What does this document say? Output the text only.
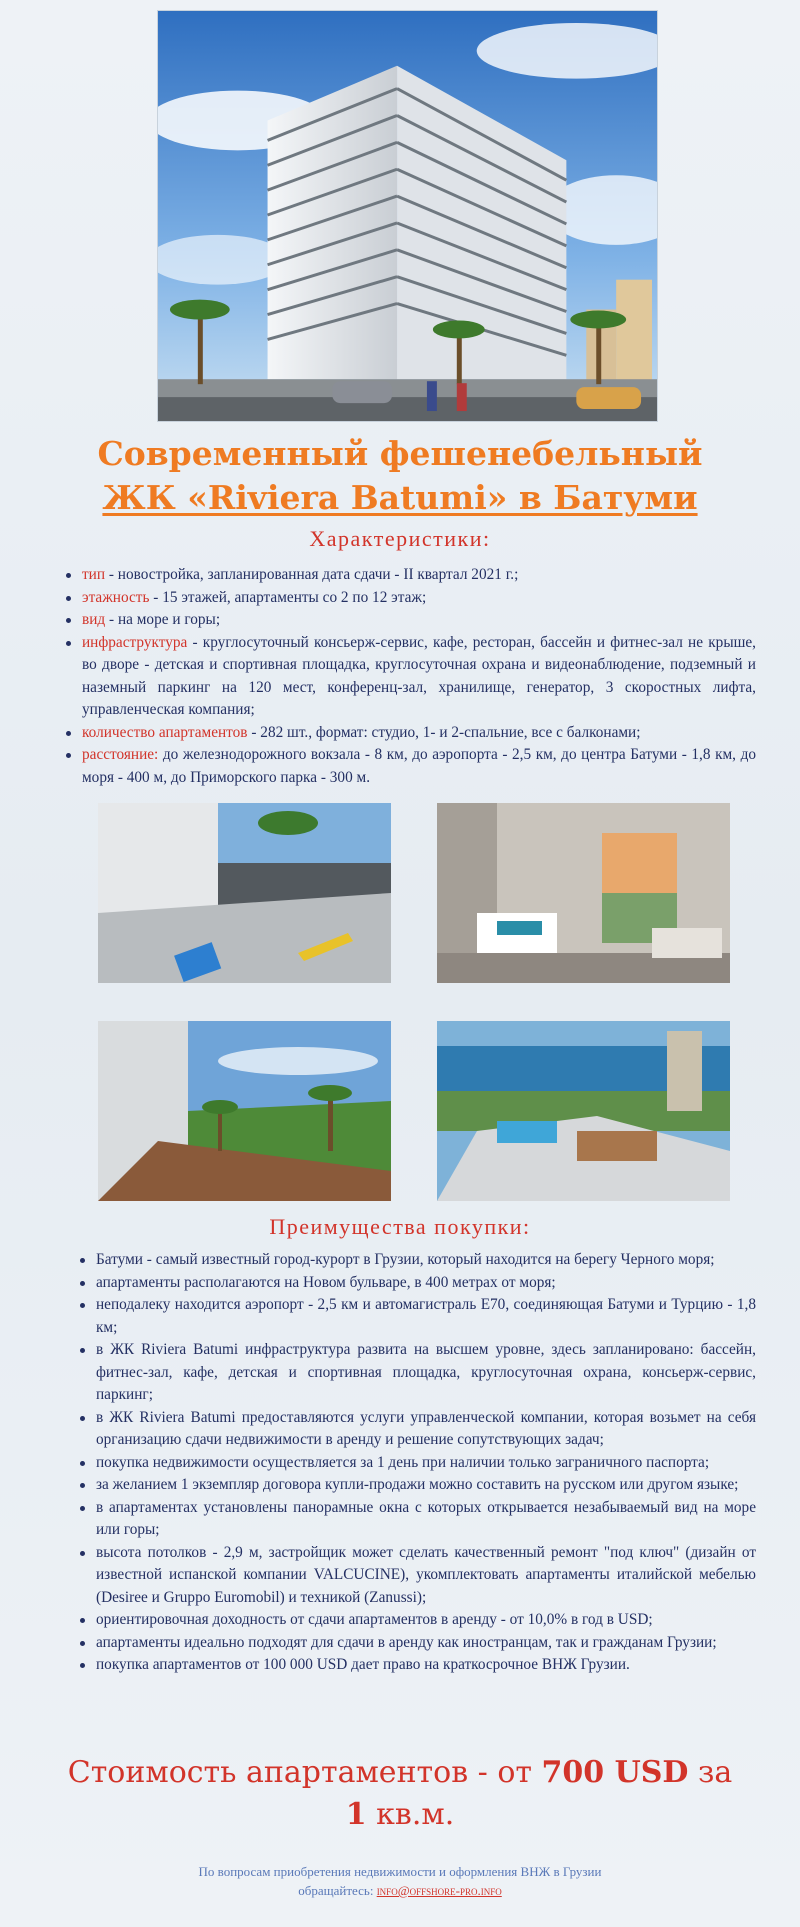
Современный фешенебельный
ЖК «Riviera Batumi» в Батуми
Характеристики:
тип - новостройка, запланированная дата сдачи - II квартал 2021 г.;
этажность - 15 этажей, апартаменты со 2 по 12 этаж;
вид - на море и горы;
инфраструктура - круглосуточный консьерж-сервис, кафе, ресторан, бассейн и фитнес-зал не крыше, во дворе - детская и спортивная площадка, круглосуточная охрана и видеонаблюдение, подземный и наземный паркинг на 120 мест, конференц-зал, хранилище, генератор, 3 скоростных лифта, управленческая компания;
количество апартаментов - 282 шт., формат: студио, 1- и 2-спальние, все с балконами;
расстояние: до железнодорожного вокзала - 8 км, до аэропорта - 2,5 км, до центра Батуми - 1,8 км, до моря - 400 м, до Приморского парка - 300 м.
Преимущества покупки:
Батуми - самый известный город-курорт в Грузии, который находится на берегу Черного моря;
апартаменты располагаются на Новом бульваре, в 400 метрах от моря;
неподалеку находится аэропорт - 2,5 км и автомагистраль E70, соединяющая Батуми и Турцию - 1,8 км;
в ЖК Riviera Batumi инфраструктура развита на высшем уровне, здесь запланировано: бассейн, фитнес-зал, кафе, детская и спортивная площадка, круглосуточная охрана, консьерж-сервис, паркинг;
в ЖК Riviera Batumi предоставляются услуги управленческой компании, которая возьмет на себя организацию сдачи недвижимости в аренду и решение сопутствующих задач;
покупка недвижимости осуществляется за 1 день при наличии только заграничного паспорта;
за желанием 1 экземпляр договора купли-продажи можно составить на русском или другом языке;
в апартаментах установлены панорамные окна с которых открывается незабываемый вид на море или горы;
высота потолков - 2,9 м, застройщик может сделать качественный ремонт "под ключ" (дизайн от известной испанской компании VALCUCINE), укомплектовать апартаменты италийской мебелью (Desiree и Gruppo Euromobil) и техникой (Zanussi);
ориентировочная доходность от сдачи апартаментов в аренду - от 10,0% в год в USD;
апартаменты идеально подходят для сдачи в аренду как иностранцам, так и гражданам Грузии;
покупка апартаментов от 100 000 USD дает право на краткосрочное ВНЖ Грузии.
Стоимость апартаментов - от 700 USD за
1 кв.м.
По вопросам приобретения недвижимости и оформления ВНЖ в Грузии
обращайтесь: info@offshore-pro.info
